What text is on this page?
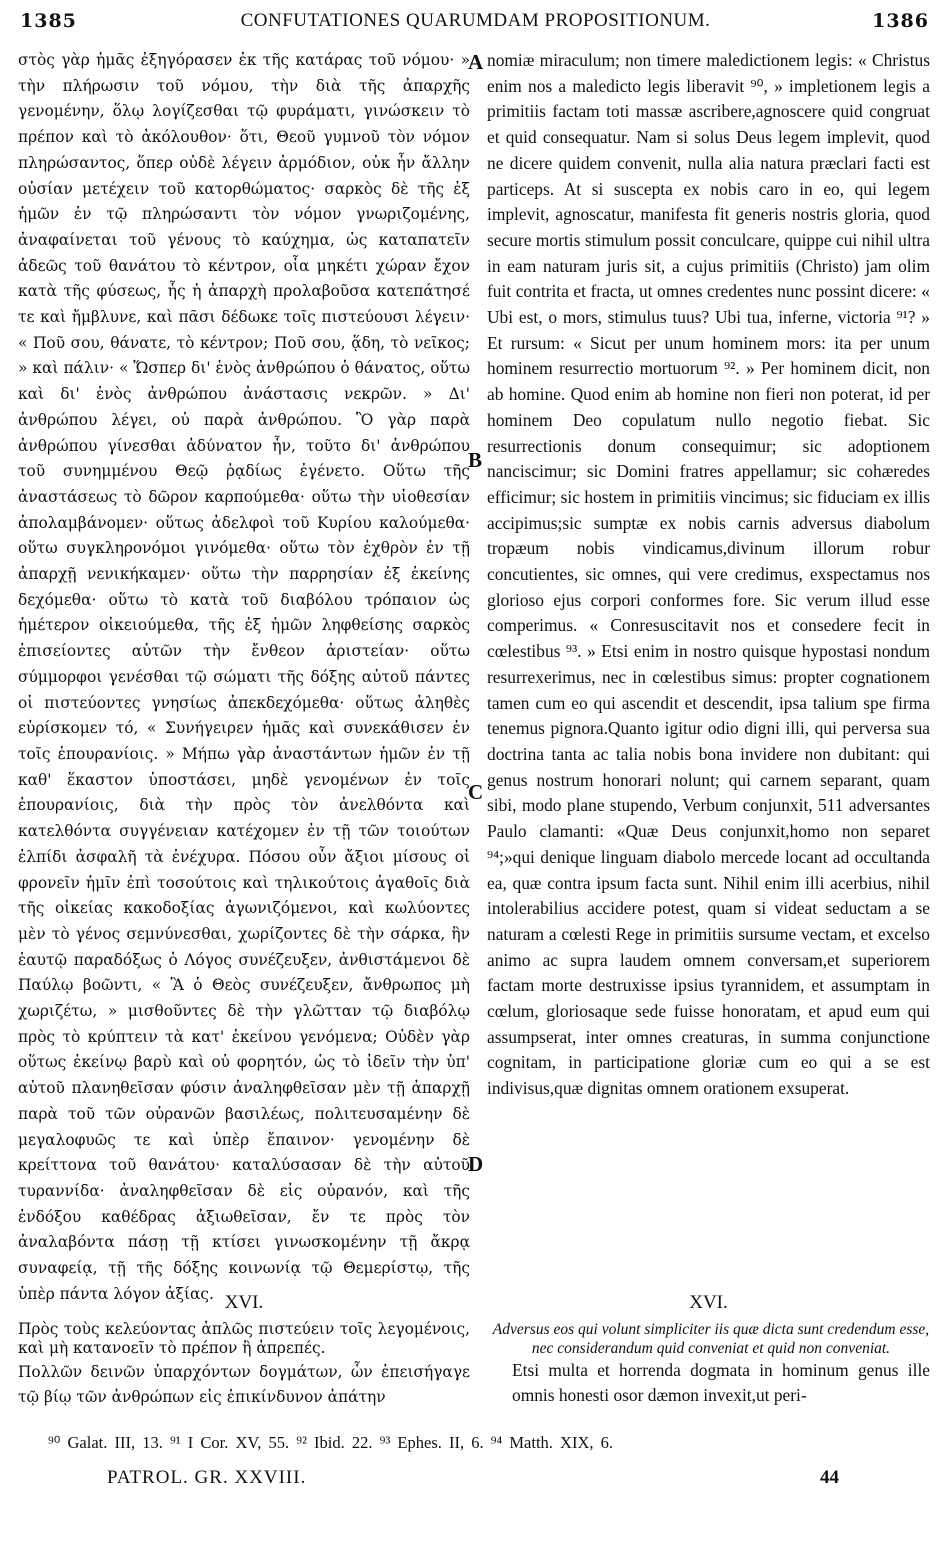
1385	CONFUTATIONES QUARUMDAM PROPOSITIONUM.	1386
στὸς γὰρ ἡμᾶς ἐξηγόρασεν ἐκ τῆς κατάρας τοῦ νόμου· » τὴν πλήρωσιν τοῦ νόμου, τὴν διὰ τῆς ἀπαρχῆς γενομένην, ὅλῳ λογίζεσθαι τῷ φυράματι, γινώσκειν τὸ πρέπον καὶ τὸ ἀκόλουθον· ὅτι, Θεοῦ γυμνοῦ τὸν νόμον πληρώσαντος, ὅπερ οὐδὲ λέγειν ἁρμόδιον, οὐκ ἦν ἄλλην οὐσίαν μετέχειν τοῦ κατορθώματος· σαρκὸς δὲ τῆς ἐξ ἡμῶν ἐν τῷ πληρώσαντι τὸν νόμον γνωριζομένης, ἀναφαίνεται τοῦ γένους τὸ καύχημα, ὡς καταπατεῖν ἀδεῶς τοῦ θανάτου τὸ κέντρον, οἷα μηκέτι χώραν ἔχον κατὰ τῆς φύσεως, ἧς ἡ ἀπαρχὴ προλαβοῦσα κατεπάτησέ τε καὶ ἤμβλυνε, καὶ πᾶσι δέδωκε τοῖς πιστεύουσι λέγειν· « Ποῦ σου, θάνατε, τὸ κέντρον; Ποῦ σου, ᾅδη, τὸ νεῖκος; » καὶ πάλιν· « Ὥσπερ δι' ἑνὸς ἀνθρώπου ὁ θάνατος, οὕτω καὶ δι' ἑνὸς ἀνθρώπου ἀνάστασις νεκρῶν. » Δι' ἀνθρώπου λέγει, οὐ παρὰ ἀνθρώπου. Ὃ γὰρ παρὰ ἀνθρώπου γίνεσθαι ἀδύνατον ἦν, τοῦτο δι' ἀνθρώπου τοῦ συνημμένου Θεῷ ῥᾳδίως ἐγένετο. Οὕτω τῆς ἀναστάσεως τὸ δῶρον καρπούμεθα· οὕτω τὴν υἱοθεσίαν ἀπολαμβάνομεν· οὕτως ἀδελφοὶ τοῦ Κυρίου καλούμεθα· οὕτω συγκληρονόμοι γινόμεθα· οὕτω τὸν ἐχθρὸν ἐν τῇ ἀπαρχῇ νενικήκαμεν· οὕτω τὴν παρρησίαν ἐξ ἐκείνης δεχόμεθα· οὕτω τὸ κατὰ τοῦ διαβόλου τρόπαιον ὡς ἡμέτερον οἰκειούμεθα, τῆς ἐξ ἡμῶν ληφθείσης σαρκὸς ἐπισείοντες αὐτῶν τὴν ἔνθεον ἀριστείαν· οὕτω σύμμορφοι γενέσθαι τῷ σώματι τῆς δόξης αὐτοῦ πάντες οἱ πιστεύοντες γνησίως ἀπεκδεχόμεθα· οὕτως ἀληθὲς εὑρίσκομεν τό, « Συνήγειρεν ἡμᾶς καὶ συνεκάθισεν ἐν τοῖς ἐπουρανίοις. » Μήπω γὰρ ἀναστάντων ἡμῶν ἐν τῇ καθ' ἕκαστον ὑποστάσει, μηδὲ γενομένων ἐν τοῖς ἐπουρανίοις, διὰ τὴν πρὸς τὸν ἀνελθόντα καὶ κατελθόντα συγγένειαν κατέχομεν ἐν τῇ τῶν τοιούτων ἐλπίδι ἀσφαλῆ τὰ ἐνέχυρα. Πόσου οὖν ἄξιοι μίσους οἱ φρονεῖν ἡμῖν ἐπὶ τοσούτοις καὶ τηλικούτοις ἀγαθοῖς διὰ τῆς οἰκείας κακοδοξίας ἀγωνιζόμενοι, καὶ κωλύοντες μὲν τὸ γένος σεμνύνεσθαι, χωρίζοντες δὲ τὴν σάρκα, ἣν ἑαυτῷ παραδόξως ὁ Λόγος συνέζευξεν, ἀνθιστάμενοι δὲ Παύλῳ βοῶντι, « Ἃ ὁ Θεὸς συνέζευξεν, ἄνθρωπος μὴ χωριζέτω, » μισθοῦντες δὲ τὴν γλῶτταν τῷ διαβόλῳ πρὸς τὸ κρύπτειν τὰ κατ' ἐκείνου γενόμενα; Οὐδὲν γὰρ οὕτως ἐκείνῳ βαρὺ καὶ οὐ φορητόν, ὡς τὸ ἰδεῖν τὴν ὑπ' αὐτοῦ πλανηθεῖσαν φύσιν ἀναληφθεῖσαν μὲν τῇ ἀπαρχῇ παρὰ τοῦ τῶν οὐρανῶν βασιλέως, πολιτευσαμένην δὲ μεγαλοφυῶς τε καὶ ὑπὲρ ἔπαινον· γενομένην δὲ κρείττονα τοῦ θανάτου· καταλύσασαν δὲ τὴν αὐτοῦ τυραννίδα· ἀναληφθεῖσαν δὲ εἰς οὐρανόν, καὶ τῆς ἐνδόξου καθέδρας ἀξιωθεῖσαν, ἔν τε πρὸς τὸν ἀναλαβόντα πάσῃ τῇ κτίσει γινωσκομένην τῇ ἄκρᾳ συναφείᾳ, τῇ τῆς δόξης κοινωνίᾳ τῷ Θεμερίστῳ, τῆς ὑπὲρ πάντα λόγον ἀξίας.
nomiæ miraculum; non timere maledictionem legis: « Christus enim nos a maledicto legis liberavit ⁹⁰, » impletionem legis a primitiis factam toti massæ ascribere,agnoscere quid congruat et quid consequatur. Nam si solus Deus legem implevit, quod ne dicere quidem convenit, nulla alia natura præclari facti est particeps. At si suscepta ex nobis caro in eo, qui legem implevit, agnoscatur, manifesta fit generis nostris gloria, quod secure mortis stimulum possit conculcare, quippe cui nihil ultra in eam naturam juris sit, a cujus primitiis (Christo) jam olim fuit contrita et fracta, ut omnes credentes nunc possint dicere: « Ubi est, o mors, stimulus tuus? Ubi tua, inferne, victoria ⁹¹? » Et rursum: « Sicut per unum hominem mors: ita per unum hominem resurrectio mortuorum ⁹². » Per hominem dicit, non ab homine. Quod enim ab homine non fieri non poterat, id per hominem Deo copulatum nullo negotio fiebat. Sic resurrectionis donum consequimur; sic adoptionem nanciscimur; sic Domini fratres appellamur; sic cohæredes efficimur; sic hostem in primitiis vincimus; sic fiduciam ex illis accipimus;sic sumptæ ex nobis carnis adversus diabolum tropæum nobis vindicamus,divinum illorum robur concutientes, sic omnes, qui vere credimus, exspectamus nos glorioso ejus corpori conformes fore. Sic verum illud esse comperimus. « Conresuscitavit nos et consedere fecit in cœlestibus ⁹³. » Etsi enim in nostro quisque hypostasi nondum resurrexerimus, nec in cœlestibus simus: propter cognationem tamen cum eo qui ascendit et descendit, ipsa talium spe firma tenemus pignora.Quanto igitur odio digni illi, qui perversa sua doctrina tanta ac talia nobis bona invidere non dubitant: qui genus nostrum honorari nolunt; qui carnem separant, quam sibi, modo plane stupendo, Verbum conjunxit, 511 adversantes Paulo clamanti: «Quæ Deus conjunxit,homo non separet ⁹⁴;»qui denique linguam diabolo mercede locant ad occultanda ea, quæ contra ipsum facta sunt. Nihil enim illi acerbius, nihil intolerabilius accidere potest, quam si videat seductam a se naturam a cœlesti Rege in primitiis sursume vectam, et excelso animo ac supra laudem omnem conversam,et superiorem factam morte destruxisse ipsius tyrannidem, et assumptam in cœlum, gloriosaque sede fuisse honoratam, et apud eum qui assumpserat, inter omnes creaturas, in summa conjunctione cognitam, in participatione gloriæ cum eo qui a se est indivisus,quæ dignitas omnem orationem exsuperat.
A
B
C
D
XVI.	XVI.
Πρὸς τοὺς κελεύοντας ἁπλῶς πιστεύειν τοῖς λεγομένοις, καὶ μὴ κατανοεῖν τὸ πρέπον ἢ ἀπρεπές.
Adversus eos qui volunt simpliciter iis quæ dicta sunt credendum esse, nec considerandum quid conveniat et quid non conveniat.
Πολλῶν δεινῶν ὑπαρχόντων δογμάτων, ὧν ἐπεισήγαγε τῷ βίῳ τῶν ἀνθρώπων εἰς ἐπικίνδυνον ἀπάτην
Etsi multa et horrenda dogmata in hominum genus ille omnis honesti osor dæmon invexit,ut peri-
⁹⁰ Galat. III, 13. ⁹¹ I Cor. XV, 55. ⁹² Ibid. 22. ⁹³ Ephes. II, 6. ⁹⁴ Matth. XIX, 6.
PATROL. GR. XXVIII.	44
